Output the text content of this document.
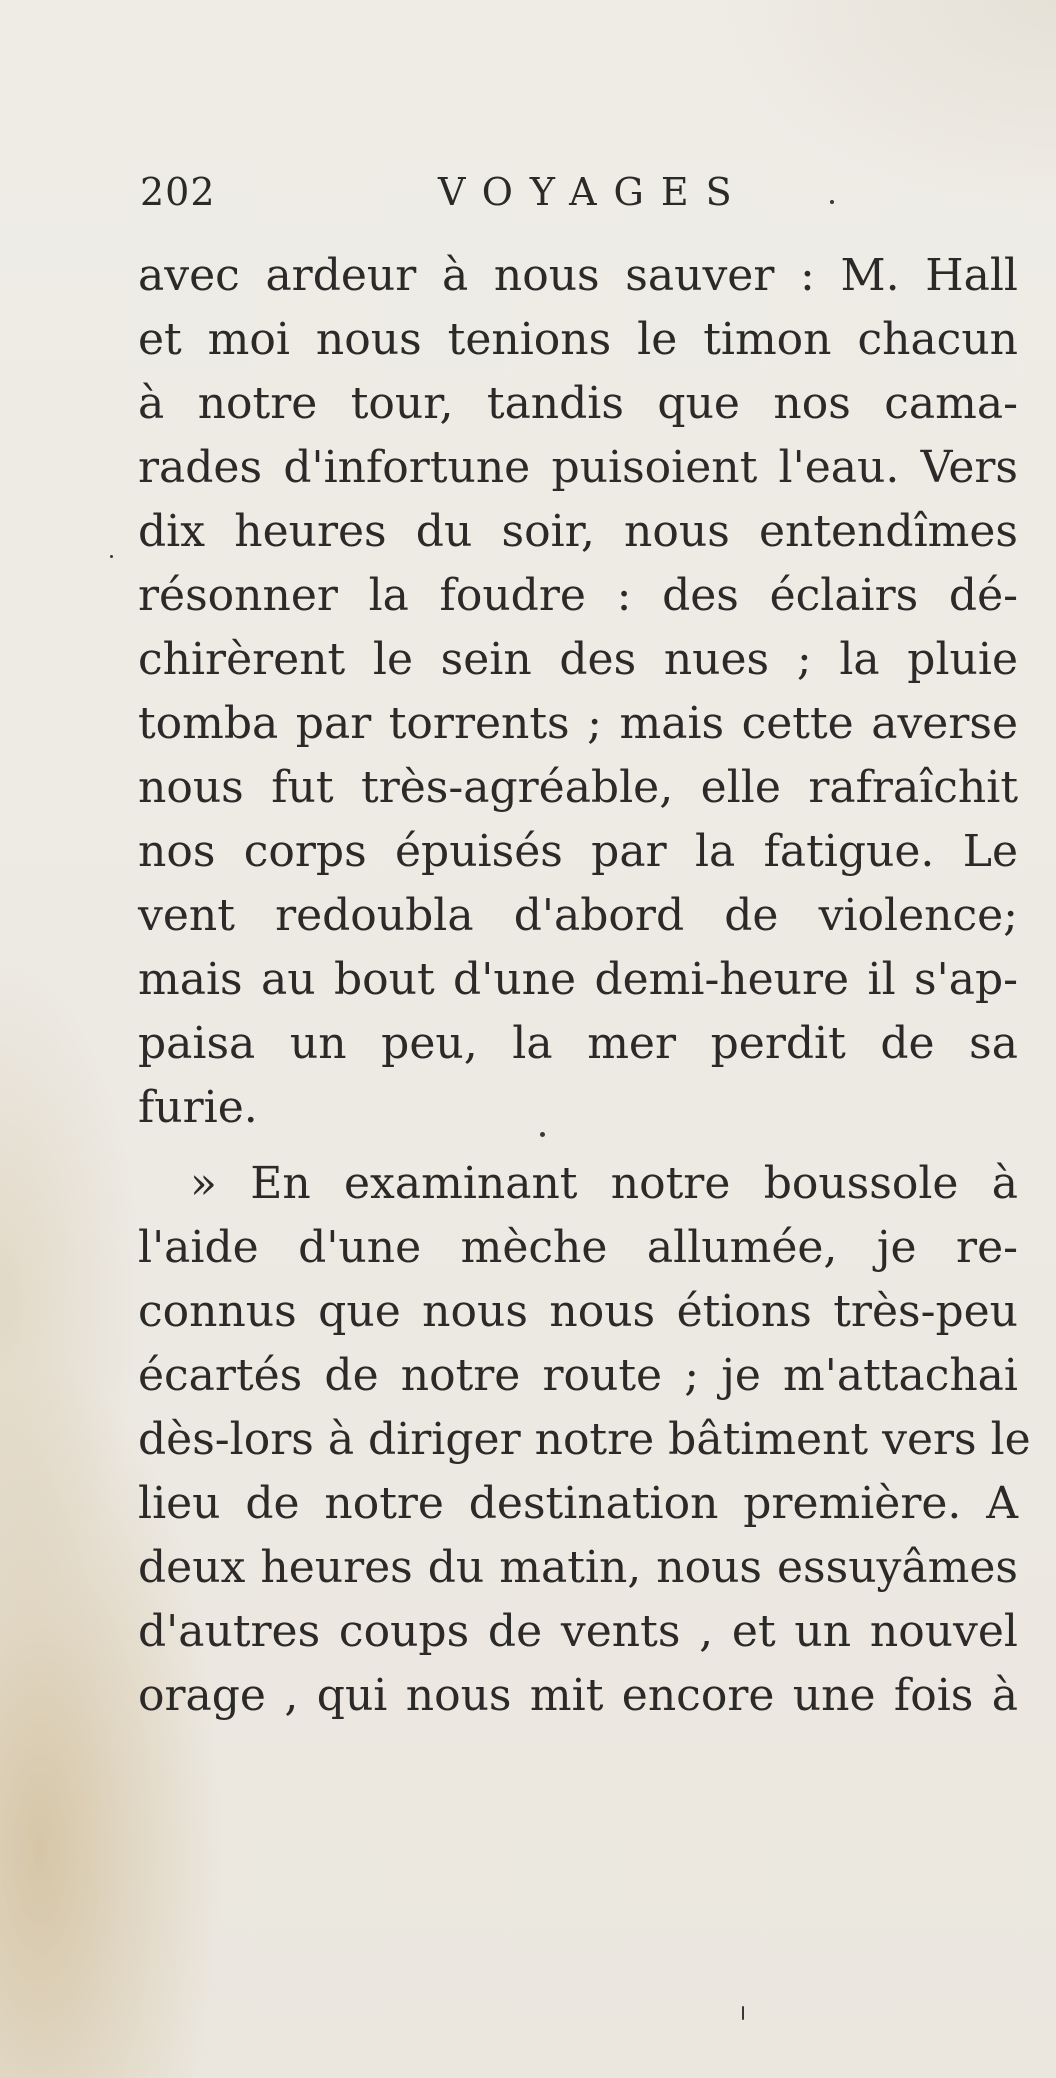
202	VOYAGES
avec ardeur à nous sauver : M. Hall
et moi nous tenions le timon chacun
à notre tour, tandis que nos cama-
rades d'infortune puisoient l'eau. Vers
dix heures du soir, nous entendîmes
résonner la foudre : des éclairs dé-
chirèrent le sein des nues ; la pluie
tomba par torrents ; mais cette averse
nous fut très-agréable, elle rafraîchit
nos corps épuisés par la fatigue. Le
vent redoubla d'abord de violence;
mais au bout d'une demi-heure il s'ap-
paisa un peu, la mer perdit de sa
furie.
» En examinant notre boussole à
l'aide d'une mèche allumée, je re-
connus que nous nous étions très-peu
écartés de notre route ; je m'attachai
dès-lors à diriger notre bâtiment vers le
lieu de notre destination première. A
deux heures du matin, nous essuyâmes
d'autres coups de vents , et un nouvel
orage , qui nous mit encore une fois à
